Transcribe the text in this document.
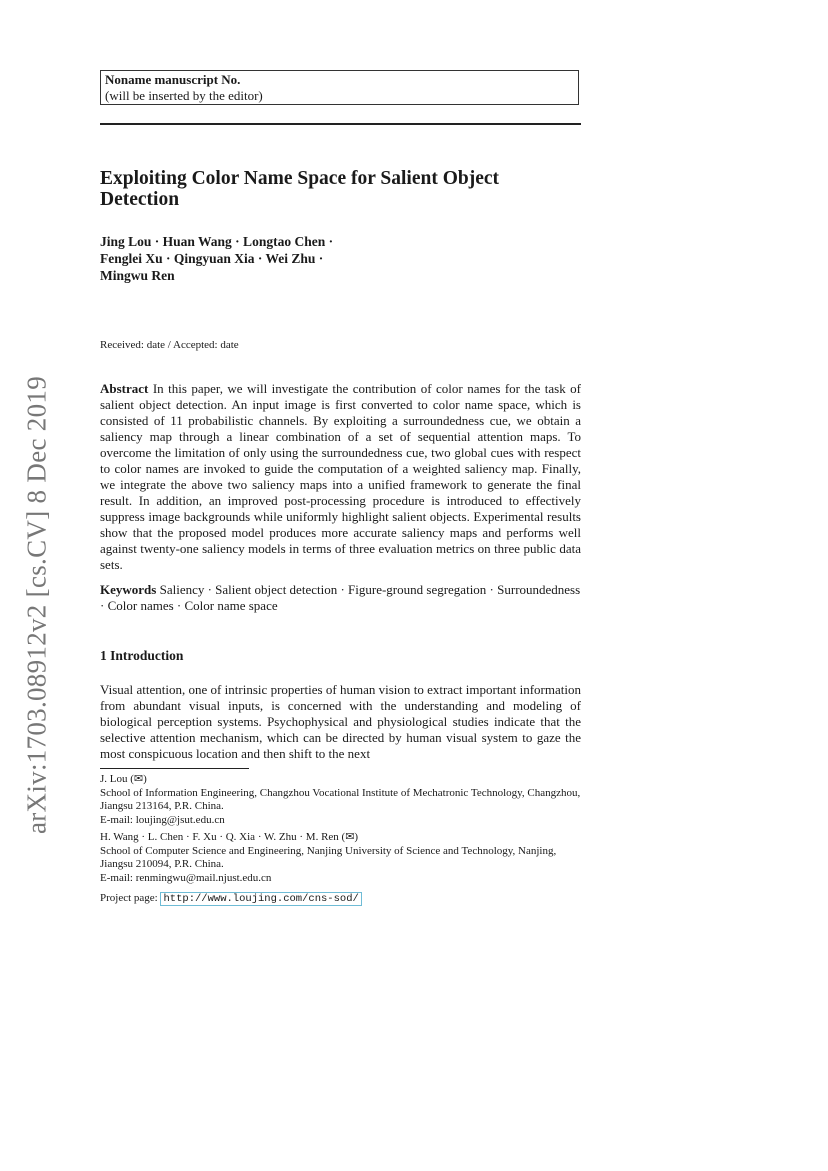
arXiv:1703.08912v2 [cs.CV] 8 Dec 2019
Noname manuscript No.
(will be inserted by the editor)
Exploiting Color Name Space for Salient Object Detection
Jing Lou · Huan Wang · Longtao Chen ·
Fenglei Xu · Qingyuan Xia · Wei Zhu ·
Mingwu Ren
Received: date / Accepted: date
Abstract In this paper, we will investigate the contribution of color names for the task of salient object detection. An input image is first converted to color name space, which is consisted of 11 probabilistic channels. By exploiting a surroundedness cue, we obtain a saliency map through a linear combination of a set of sequential attention maps. To overcome the limitation of only using the surroundedness cue, two global cues with respect to color names are invoked to guide the computation of a weighted saliency map. Finally, we integrate the above two saliency maps into a unified framework to generate the final result. In addition, an improved post-processing procedure is introduced to effectively suppress image backgrounds while uniformly highlight salient objects. Experimental results show that the proposed model produces more accurate saliency maps and performs well against twenty-one saliency models in terms of three evaluation metrics on three public data sets.
Keywords Saliency · Salient object detection · Figure-ground segregation · Surroundedness · Color names · Color name space
1 Introduction
Visual attention, one of intrinsic properties of human vision to extract important information from abundant visual inputs, is concerned with the understanding and modeling of biological perception systems. Psychophysical and physiological studies indicate that the selective attention mechanism, which can be directed by human visual system to gaze the most conspicuous location and then shift to the next
J. Lou (✉)
School of Information Engineering, Changzhou Vocational Institute of Mechatronic Technology, Changzhou, Jiangsu 213164, P.R. China.
E-mail: loujing@jsut.edu.cn
H. Wang · L. Chen · F. Xu · Q. Xia · W. Zhu · M. Ren (✉)
School of Computer Science and Engineering, Nanjing University of Science and Technology, Nanjing, Jiangsu 210094, P.R. China.
E-mail: renmingwu@mail.njust.edu.cn
Project page: http://www.loujing.com/cns-sod/
